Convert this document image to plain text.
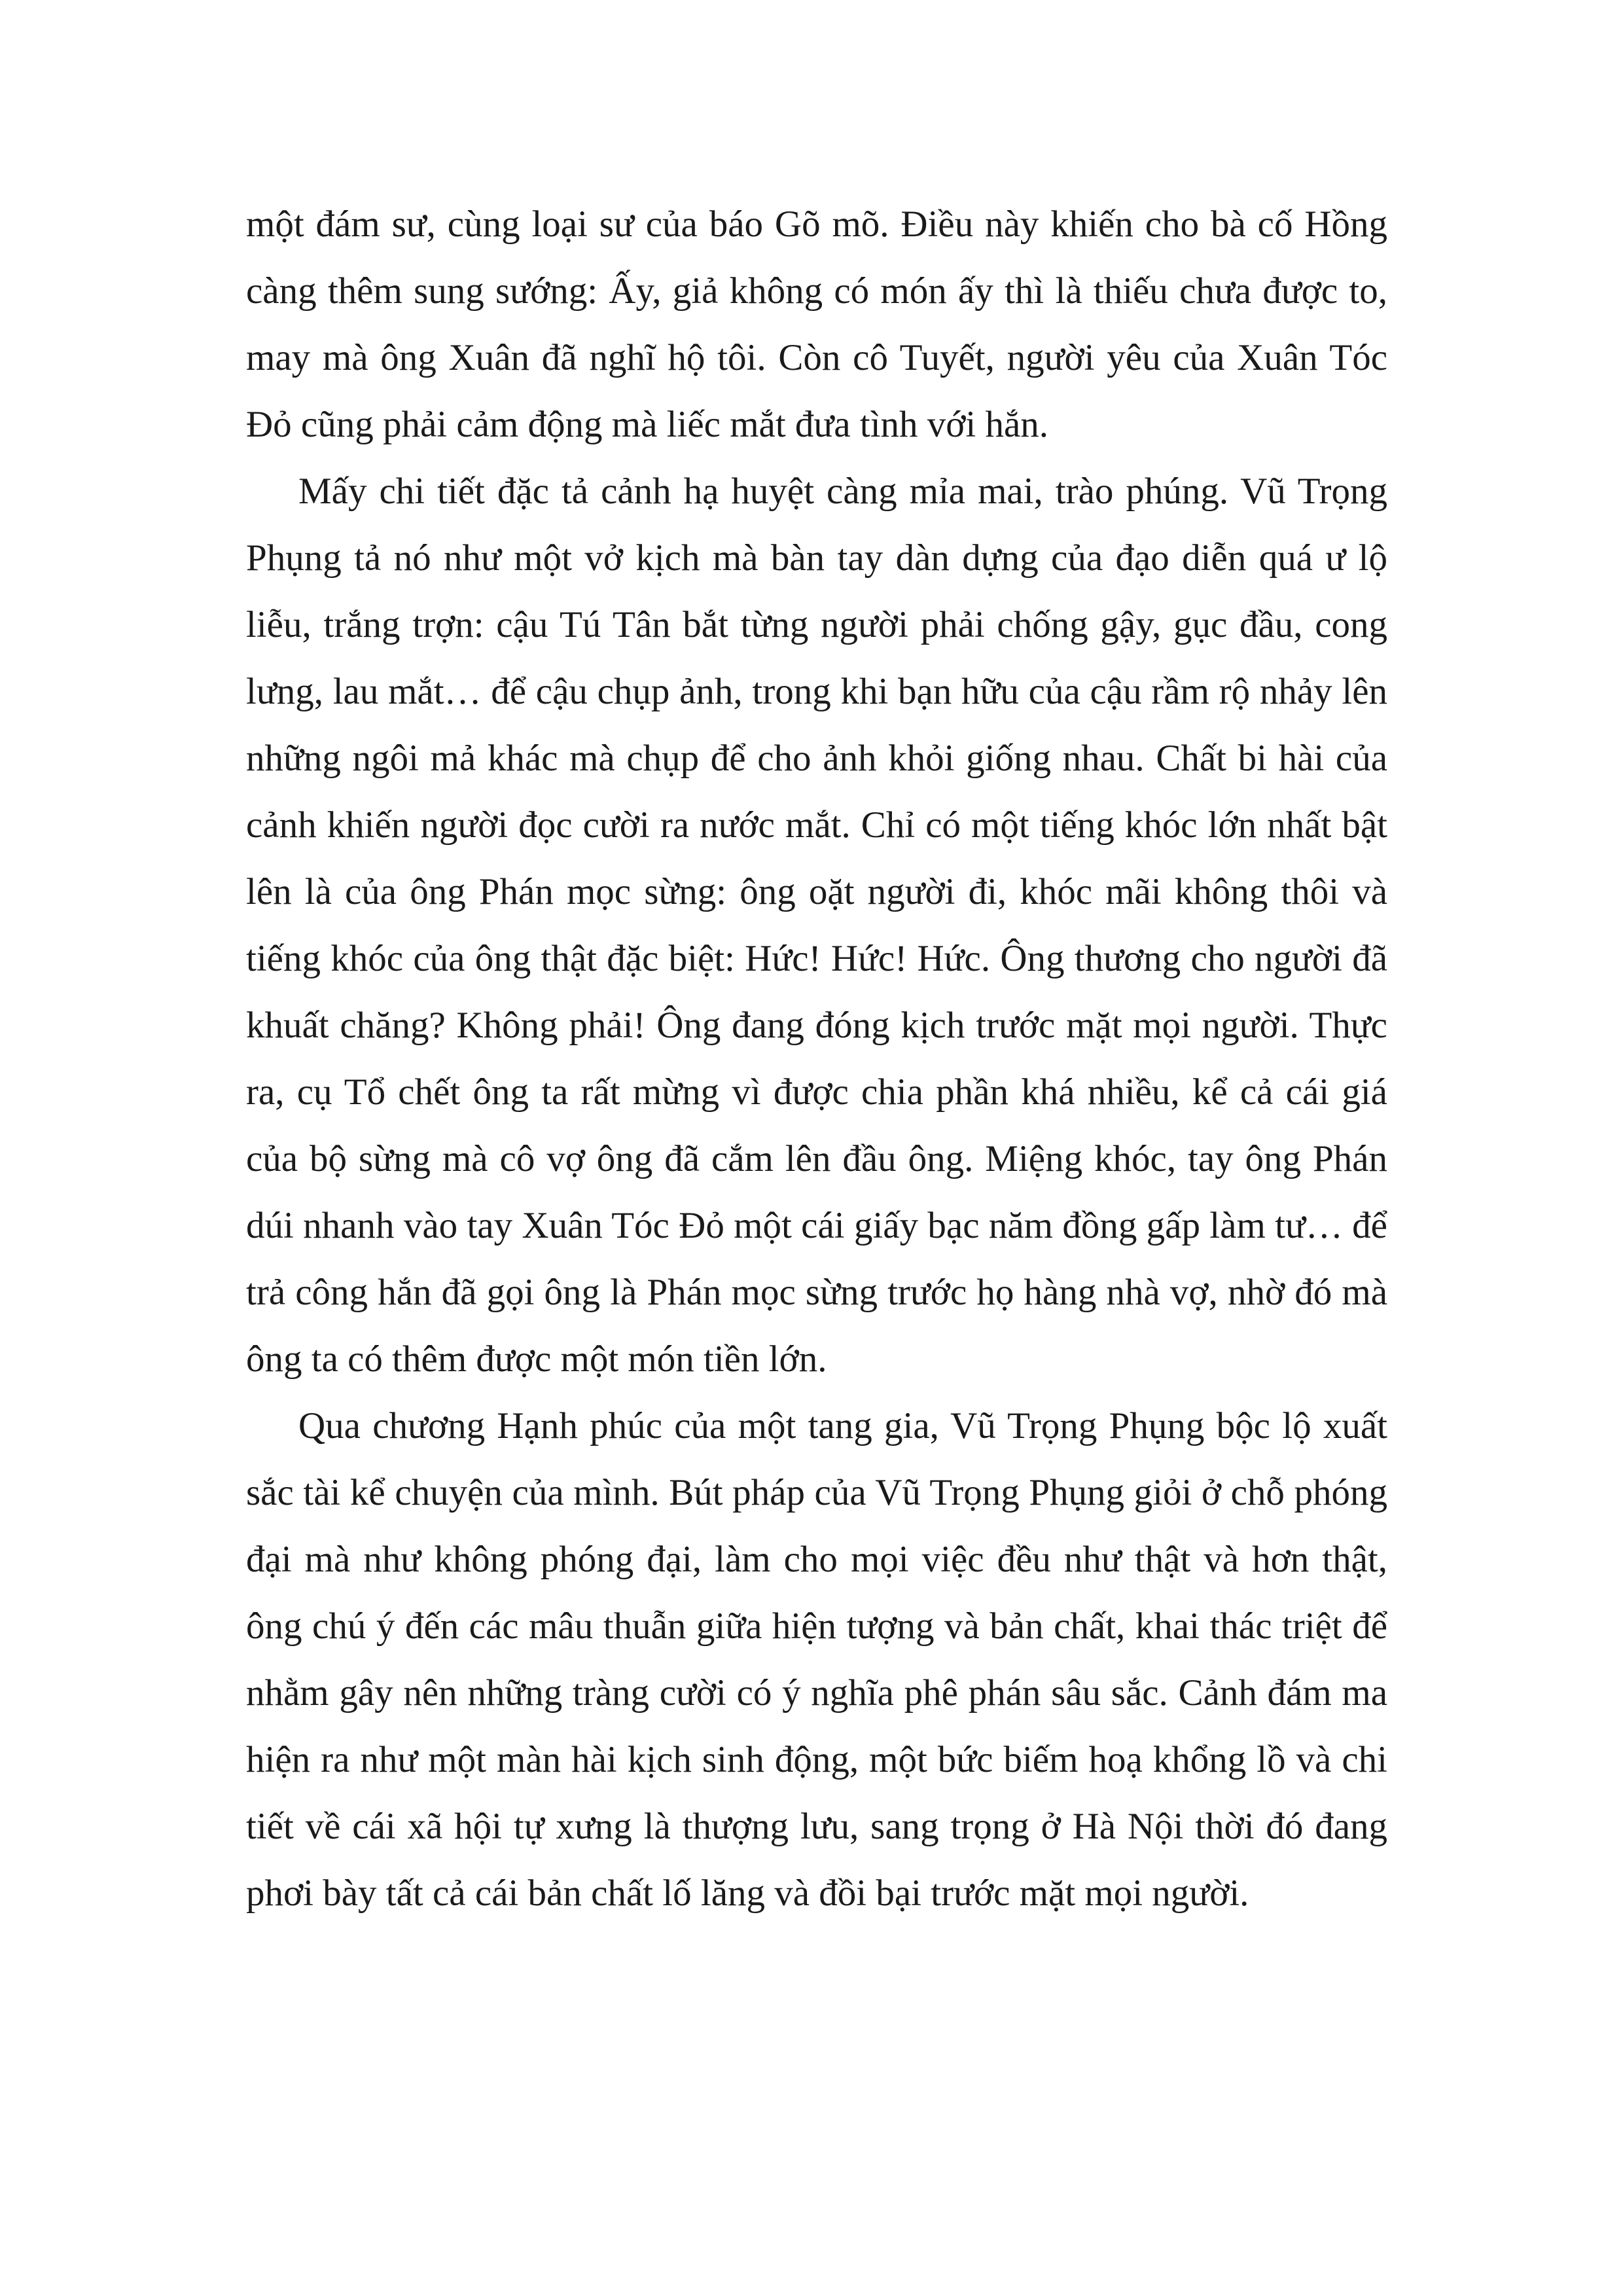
một đám sư, cùng loại sư của báo Gõ mõ. Điều này khiến cho bà cố Hồng càng thêm sung sướng: Ấy, giả không có món ấy thì là thiếu chưa được to, may mà ông Xuân đã nghĩ hộ tôi. Còn cô Tuyết, người yêu của Xuân Tóc Đỏ cũng phải cảm động mà liếc mắt đưa tình với hắn.

Mấy chi tiết đặc tả cảnh hạ huyệt càng mỉa mai, trào phúng. Vũ Trọng Phụng tả nó như một vở kịch mà bàn tay dàn dựng của đạo diễn quá ư lộ liễu, trắng trợn: cậu Tú Tân bắt từng người phải chống gậy, gục đầu, cong lưng, lau mắt… để cậu chụp ảnh, trong khi bạn hữu của cậu rầm rộ nhảy lên những ngôi mả khác mà chụp để cho ảnh khỏi giống nhau. Chất bi hài của cảnh khiến người đọc cười ra nước mắt. Chỉ có một tiếng khóc lớn nhất bật lên là của ông Phán mọc sừng: ông oặt người đi, khóc mãi không thôi và tiếng khóc của ông thật đặc biệt: Hức! Hức! Hức. Ông thương cho người đã khuất chăng? Không phải! Ông đang đóng kịch trước mặt mọi người. Thực ra, cụ Tổ chết ông ta rất mừng vì được chia phần khá nhiều, kể cả cái giá của bộ sừng mà cô vợ ông đã cắm lên đầu ông. Miệng khóc, tay ông Phán dúi nhanh vào tay Xuân Tóc Đỏ một cái giấy bạc năm đồng gấp làm tư… để trả công hắn đã gọi ông là Phán mọc sừng trước họ hàng nhà vợ, nhờ đó mà ông ta có thêm được một món tiền lớn.

Qua chương Hạnh phúc của một tang gia, Vũ Trọng Phụng bộc lộ xuất sắc tài kể chuyện của mình. Bút pháp của Vũ Trọng Phụng giỏi ở chỗ phóng đại mà như không phóng đại, làm cho mọi việc đều như thật và hơn thật, ông chú ý đến các mâu thuẫn giữa hiện tượng và bản chất, khai thác triệt để nhằm gây nên những tràng cười có ý nghĩa phê phán sâu sắc. Cảnh đám ma hiện ra như một màn hài kịch sinh động, một bức biếm hoạ khổng lồ và chi tiết về cái xã hội tự xưng là thượng lưu, sang trọng ở Hà Nội thời đó đang phơi bày tất cả cái bản chất lố lăng và đồi bại trước mặt mọi người.
